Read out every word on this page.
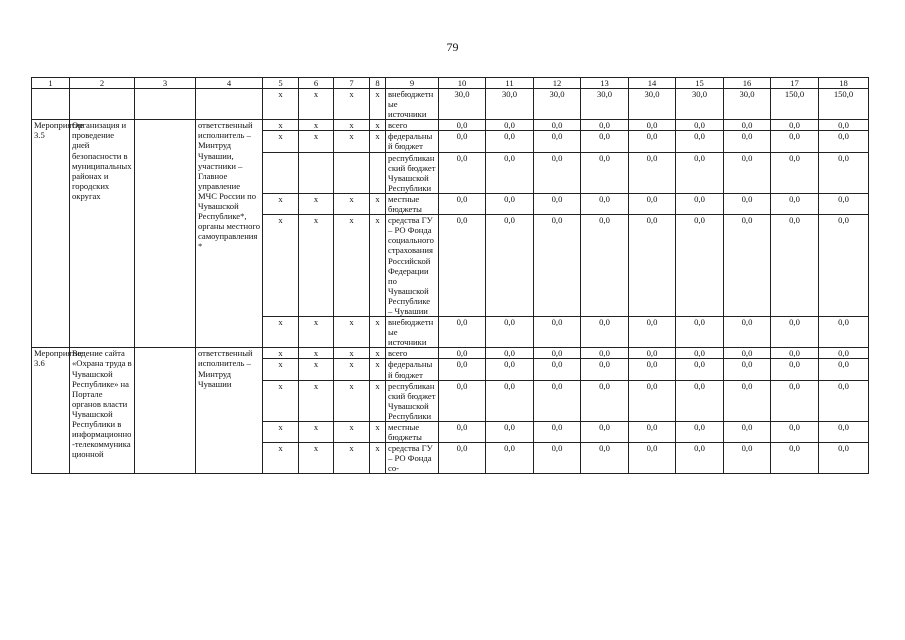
79
1	2	3	4	5	6	7	8	9	10	11	12	13	14	15	16	17	18
				x	x	x	x	внебюджетные источники	30,0	30,0	30,0	30,0	30,0	30,0	30,0	150,0	150,0
Мероприятие 3.5	Организация и проведение дней безопасности в муниципальных районах и городских округах		ответственный исполнитель – Минтруд Чувашии, участники – Главное управление МЧС России по Чувашской Республике*, органы местного самоуправления*	x	x	x	x	всего	0,0	0,0	0,0	0,0	0,0	0,0	0,0	0,0	0,0
				x	x	x	x	федеральный бюджет	0,0	0,0	0,0	0,0	0,0	0,0	0,0	0,0	0,0
								республиканский бюджет Чувашской Республики	0,0	0,0	0,0	0,0	0,0	0,0	0,0	0,0	0,0
				x	x	x	x	местные бюджеты	0,0	0,0	0,0	0,0	0,0	0,0	0,0	0,0	0,0
				x	x	x	x	средства ГУ – РО Фонда социального страхования Российской Федерации по Чувашской Республике – Чувашии	0,0	0,0	0,0	0,0	0,0	0,0	0,0	0,0	0,0
				x	x	x	x	внебюджетные источники	0,0	0,0	0,0	0,0	0,0	0,0	0,0	0,0	0,0
Мероприятие 3.6	Ведение сайта «Охрана труда в Чувашской Республике» на Портале органов власти Чувашской Республики в информационно-телекоммуникационной		ответственный исполнитель – Минтруд Чувашии	x	x	x	x	всего	0,0	0,0	0,0	0,0	0,0	0,0	0,0	0,0	0,0
				x	x	x	x	федеральный бюджет	0,0	0,0	0,0	0,0	0,0	0,0	0,0	0,0	0,0
				x	x	x	x	республиканский бюджет Чувашской Республики	0,0	0,0	0,0	0,0	0,0	0,0	0,0	0,0	0,0
				x	x	x	x	местные бюджеты	0,0	0,0	0,0	0,0	0,0	0,0	0,0	0,0	0,0
				x	x	x	x	средства ГУ – РО Фонда со-	0,0	0,0	0,0	0,0	0,0	0,0	0,0	0,0	0,0
